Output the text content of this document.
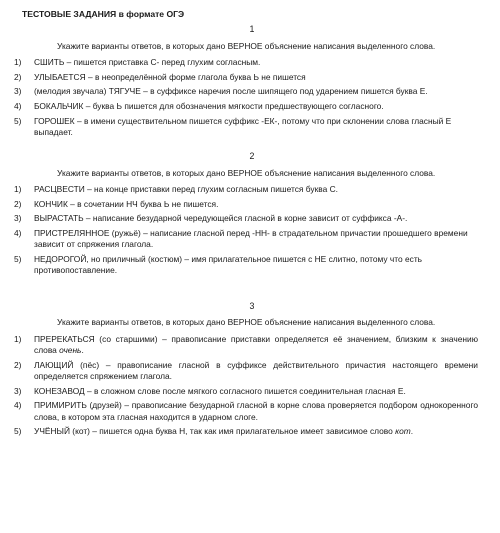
ТЕСТОВЫЕ ЗАДАНИЯ в формате ОГЭ
1
Укажите варианты ответов, в которых дано ВЕРНОЕ объяснение написания выделенного слова.
1)	СШИТЬ – пишется приставка С- перед глухим согласным.
2)	УЛЫБАЕТСЯ – в неопределённой форме глагола буква Ь не пишется
3)	(мелодия звучала) ТЯГУЧЕ – в суффиксе наречия после шипящего под ударением пишется буква Е.
4)	БОКАЛЬЧИК – буква Ь пишется для обозначения мягкости предшествующего согласного.
5)	ГОРОШЕК – в имени существительном пишется суффикс -ЕК-, потому что при склонении слова гласный Е выпадает.
2
Укажите варианты ответов, в которых дано ВЕРНОЕ объяснение написания выделенного слова.
1)	РАСЦВЕСТИ – на конце приставки перед глухим согласным пишется буква С.
2)	КОНЧИК – в сочетании НЧ буква Ь не пишется.
3)	ВЫРАСТАТЬ – написание безударной чередующейся гласной в корне зависит от суффикса -А-.
4)	ПРИСТРЕЛЯННОЕ (ружьё) – написание гласной перед -НН- в страдательном причастии прошедшего времени зависит от спряжения глагола.
5)	НЕДОРОГОЙ, но приличный (костюм) – имя прилагательное пишется с НЕ слитно, потому что есть противопоставление.
3
Укажите варианты ответов, в которых дано ВЕРНОЕ объяснение написания выделенного слова.
1)	ПРЕРЕКАТЬСЯ (со старшими) – правописание приставки определяется её значением, близким к значению слова очень.
2)	ЛАЮЩИЙ (пёс) – правописание гласной в суффиксе действительного причастия настоящего времени определяется спряжением глагола.
3)	КОНЕЗАВОД – в сложном слове после мягкого согласного пишется соединительная гласная Е.
4)	ПРИМИРИТЬ (друзей) – правописание безударной гласной в корне слова проверяется подбором однокоренного слова, в котором эта гласная находится в ударном слоге.
5)	УЧЁНЫЙ (кот) – пишется одна буква Н, так как имя прилагательное имеет зависимое слово кот.
